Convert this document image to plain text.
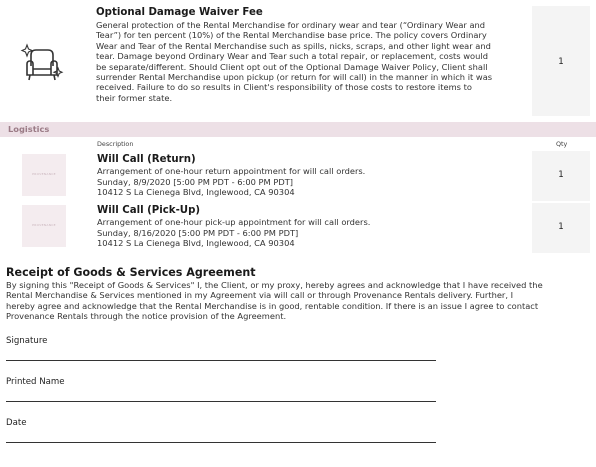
Optional Damage Waiver Fee
General protection of the Rental Merchandise for ordinary wear and tear (“Ordinary Wear and
Tear”) for ten percent (10%) of the Rental Merchandise base price. The policy covers Ordinary
Wear and Tear of the Rental Merchandise such as spills, nicks, scraps, and other light wear and
tear. Damage beyond Ordinary Wear and Tear such a total repair, or replacement, costs would
be separate/different. Should Client opt out of the Optional Damage Waiver Policy, Client shall
surrender Rental Merchandise upon pickup (or return for will call) in the manner in which it was
received. Failure to do so results in Client's responsibility of those costs to restore items to
their former state.
1
Logistics
Description	Qty
PROVENANCE
Will Call (Return)
Arrangement of one-hour return appointment for will call orders.
Sunday, 8/9/2020 [5:00 PM PDT - 6:00 PM PDT]
10412 S La Cienega Blvd, Inglewood, CA 90304
1
PROVENANCE
Will Call (Pick-Up)
Arrangement of one-hour pick-up appointment for will call orders.
Sunday, 8/16/2020 [5:00 PM PDT - 6:00 PM PDT]
10412 S La Cienega Blvd, Inglewood, CA 90304
1
Receipt of Goods & Services Agreement

By signing this "Receipt of Goods & Services" I, the Client, or my proxy, hereby agrees and acknowledge that I have received the

Rental Merchandise & Services mentioned in my Agreement via will call or through Provenance Rentals delivery. Further, I

hereby agree and acknowledge that the Rental Merchandise is in good, rentable condition. If there is an issue I agree to contact

Provenance Rentals through the notice provision of the Agreement.

Signature
Printed Name
Date
